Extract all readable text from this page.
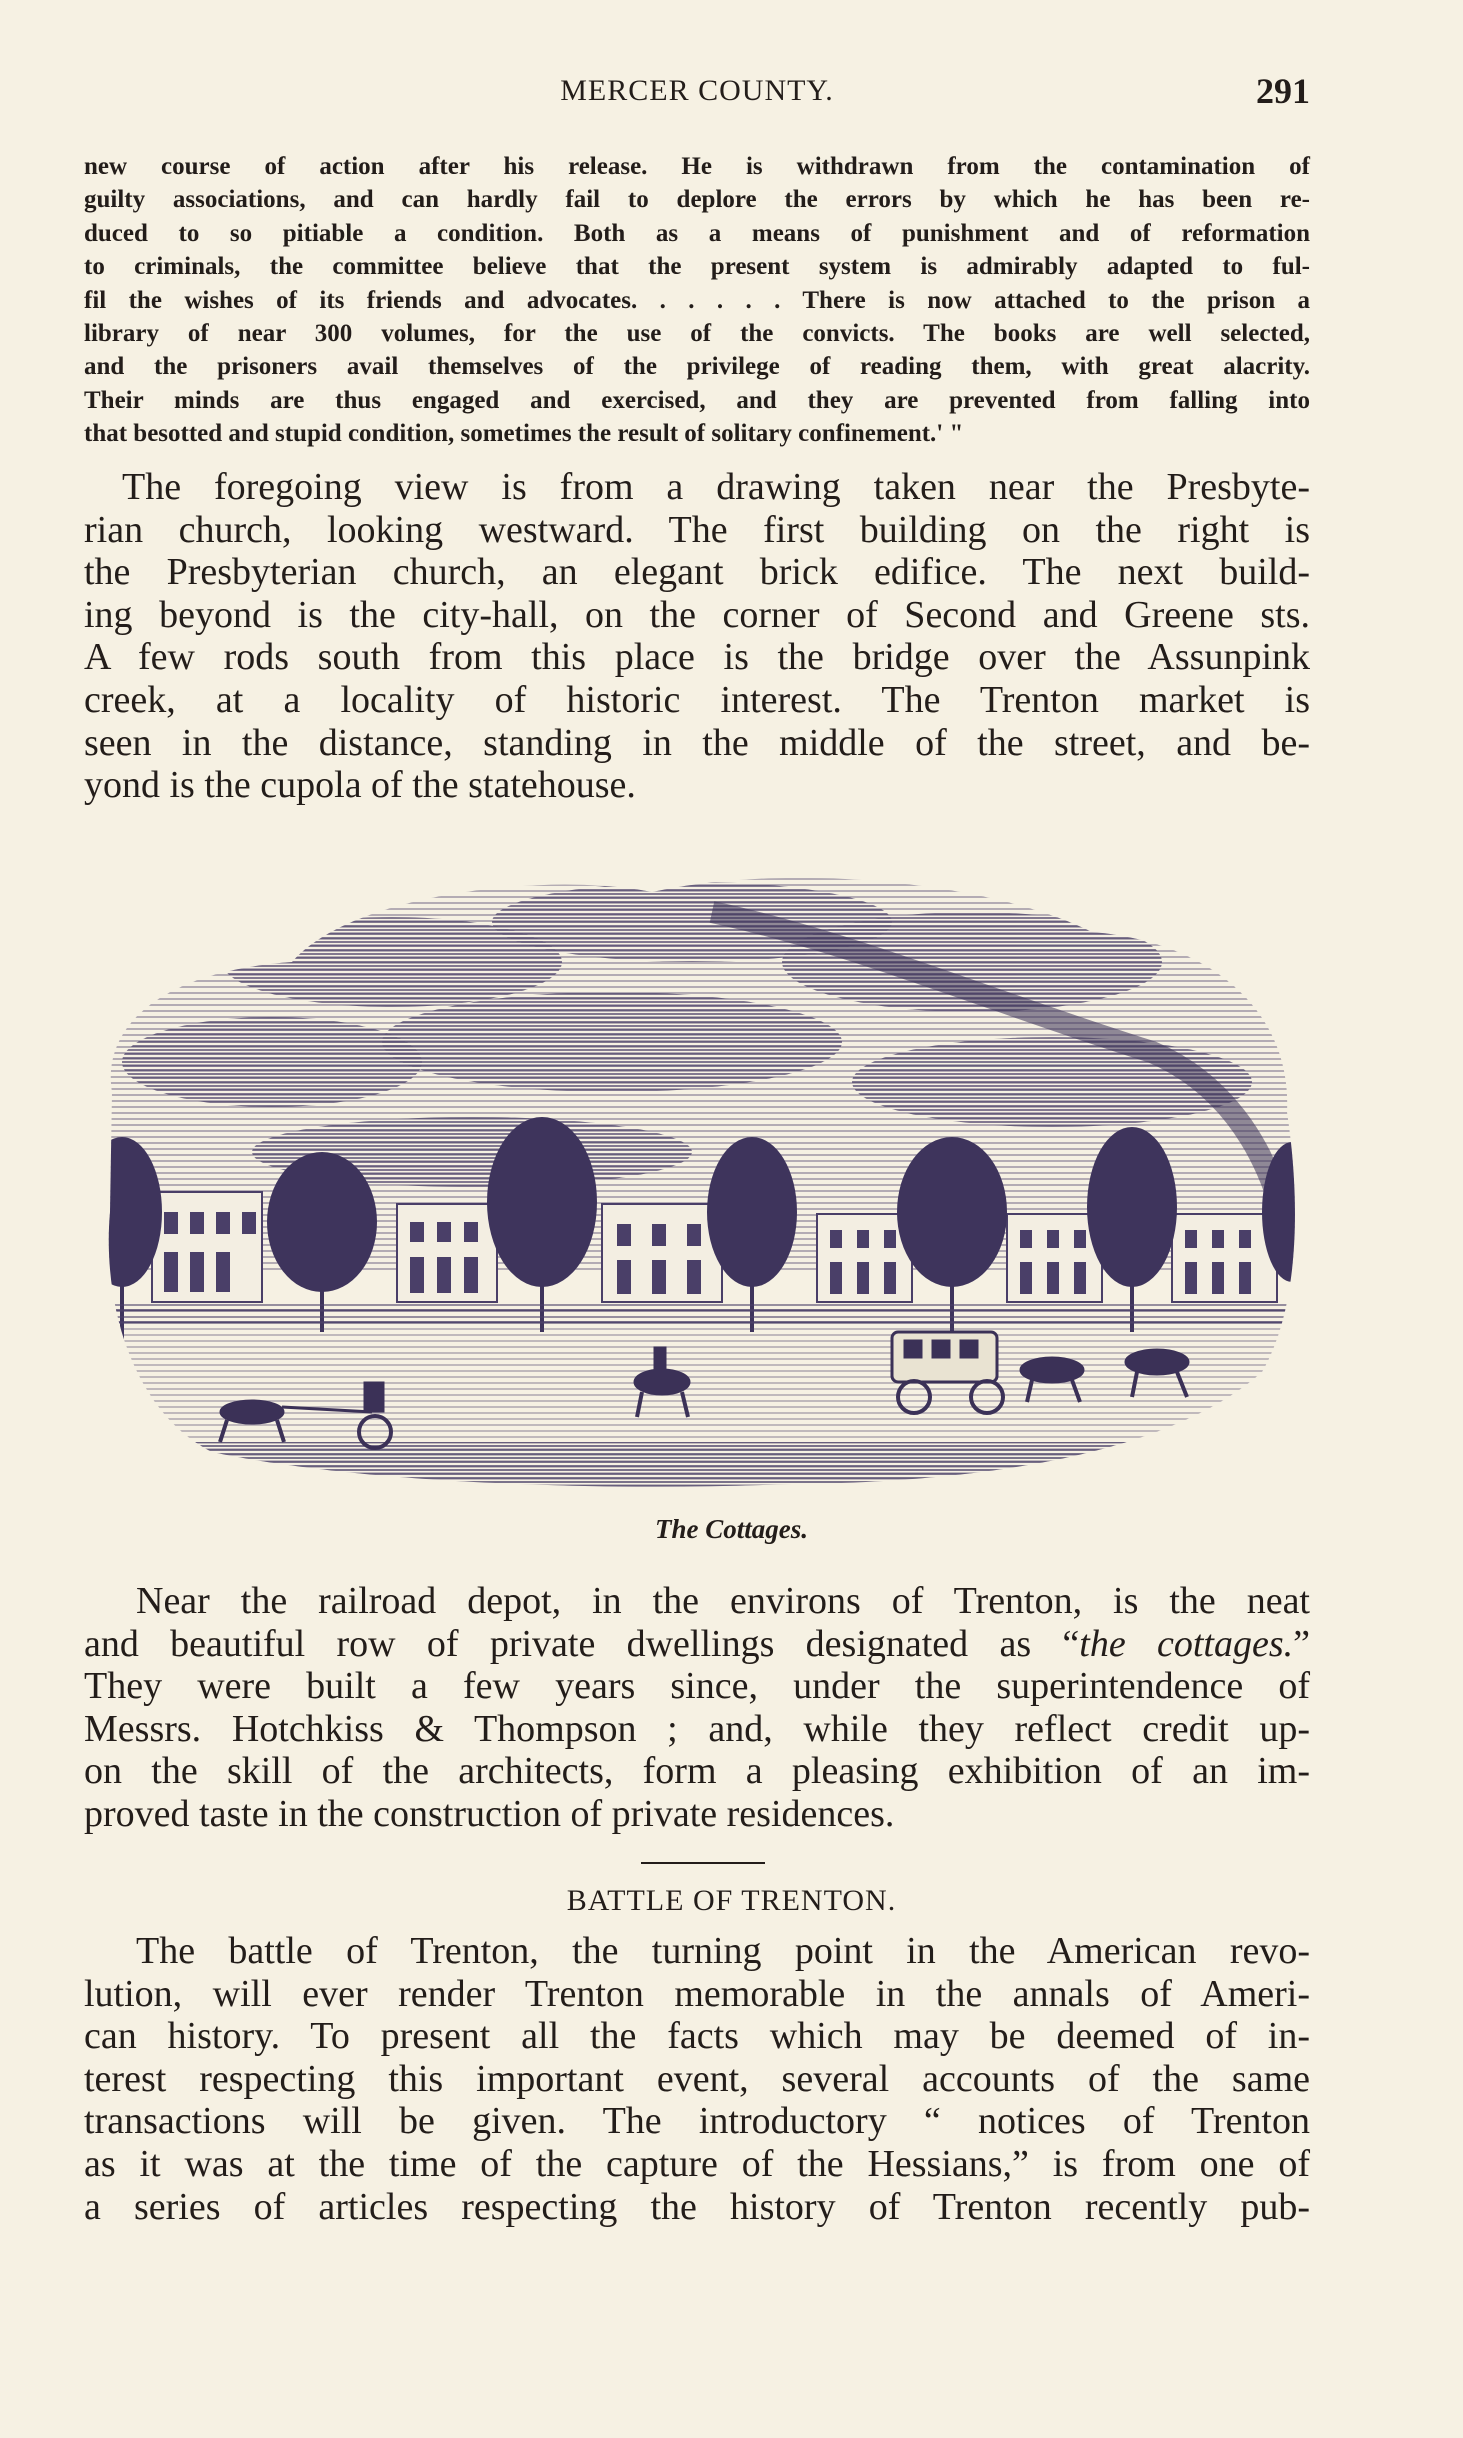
MERCER COUNTY.	291
new course of action after his release. He is withdrawn from the contamination of
guilty associations, and can hardly fail to deplore the errors by which he has been re-
duced to so pitiable a condition. Both as a means of punishment and of reformation
to criminals, the committee believe that the present system is admirably adapted to ful-
fil the wishes of its friends and advocates. . . . . . There is now attached to the prison a
library of near 300 volumes, for the use of the convicts. The books are well selected,
and the prisoners avail themselves of the privilege of reading them, with great alacrity.
Their minds are thus engaged and exercised, and they are prevented from falling into
that besotted and stupid condition, sometimes the result of solitary confinement.' "
The foregoing view is from a drawing taken near the Presbyte-
rian church, looking westward. The first building on the right is
the Presbyterian church, an elegant brick edifice. The next build-
ing beyond is the city-hall, on the corner of Second and Greene sts.
A few rods south from this place is the bridge over the Assunpink
creek, at a locality of historic interest. The Trenton market is
seen in the distance, standing in the middle of the street, and be-
yond is the cupola of the statehouse.
The Cottages.
Near the railroad depot, in the environs of Trenton, is the neat
and beautiful row of private dwellings designated as “the cottages.”
They were built a few years since, under the superintendence of
Messrs. Hotchkiss & Thompson ; and, while they reflect credit up-
on the skill of the architects, form a pleasing exhibition of an im-
proved taste in the construction of private residences.
BATTLE OF TRENTON.
The battle of Trenton, the turning point in the American revo-
lution, will ever render Trenton memorable in the annals of Ameri-
can history. To present all the facts which may be deemed of in-
terest respecting this important event, several accounts of the same
transactions will be given. The introductory “ notices of Trenton
as it was at the time of the capture of the Hessians,” is from one of
a series of articles respecting the history of Trenton recently pub-
